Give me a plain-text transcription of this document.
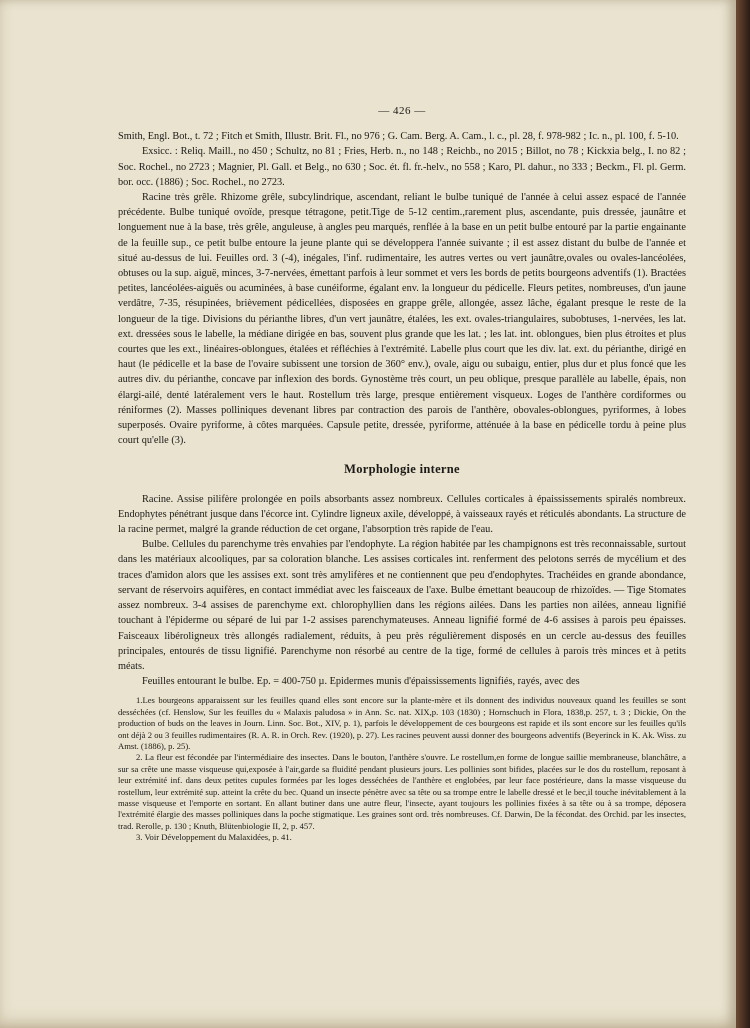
— 426 —

Smith, Engl. Bot., t. 72 ; Fitch et Smith, Illustr. Brit. Fl., no 976 ; G. Cam. Berg. A. Cam., l. c., pl. 28, f. 978-982 ; Ic. n., pl. 100, f. 5-10.

Exsicc. : Reliq. Maill., no 450 ; Schultz, no 81 ; Fries, Herb. n., no 148 ; Reichb., no 2015 ; Billot, no 78 ; Kickxia belg., I. no 82 ; Soc. Rochel., no 2723 ; Magnier, Pl. Gall. et Belg., no 630 ; Soc. ét. fl. fr.-helv., no 558 ; Karo, Pl. dahur., no 333 ; Beckm., Fl. pl. Germ. bor. occ. (1886) ; Soc. Rochel., no 2723.

Racine très grêle. Rhizome grêle, subcylindrique, ascendant, reliant le bulbe tuniqué de l'année à celui assez espacé de l'année précédente. Bulbe tuniqué ovoïde, presque tétragone, petit.Tige de 5-12 centim.,rarement plus, ascendante, puis dressée, jaunâtre et longuement nue à la base, très grêle, anguleuse, à angles peu marqués, renflée à la base en un petit bulbe entouré par la partie engainante de la feuille sup., ce petit bulbe entoure la jeune plante qui se développera l'année suivante ; il est assez distant du bulbe de l'année et situé au-dessus de lui. Feuilles ord. 3 (-4), inégales, l'inf. rudimentaire, les autres vertes ou vert jaunâtre,ovales ou ovales-lancéolées, obtuses ou la sup. aiguë, minces, 3-7-nervées, émettant parfois à leur sommet et vers les bords de petits bourgeons adventifs (1). Bractées petites, lancéolées-aiguës ou acuminées, à base cunéiforme, égalant env. la longueur du pédicelle. Fleurs petites, nombreuses, d'un jaune verdâtre, 7-35, résupinées, brièvement pédicellées, disposées en grappe grêle, allongée, assez lâche, égalant presque le reste de la longueur de la tige. Divisions du périanthe libres, d'un vert jaunâtre, étalées, les ext. ovales-triangulaires, subobtuses, 1-nervées, les lat. ext. dressées sous le labelle, la médiane dirigée en bas, souvent plus grande que les lat. ; les lat. int. oblongues, bien plus étroites et plus courtes que les ext., linéaires-oblongues, étalées et réfléchies à l'extrémité. Labelle plus court que les div. lat. ext. du périanthe, dirigé en haut (le pédicelle et la base de l'ovaire subissent une torsion de 360° env.), ovale, aigu ou subaigu, entier, plus dur et plus foncé que les autres div. du périanthe, concave par inflexion des bords. Gynostème très court, un peu oblique, presque parallèle au labelle, épais, non élargi-ailé, denté latéralement vers le haut. Rostellum très large, presque entièrement visqueux. Loges de l'anthère cordiformes ou réniformes (2). Masses polliniques devenant libres par contraction des parois de l'anthère, obovales-oblongues, pyriformes, à lobes superposés. Ovaire pyriforme, à côtes marquées. Capsule petite, dressée, pyriforme, atténuée à la base en pédicelle tordu à peine plus court qu'elle (3).

Morphologie interne

Racine. Assise pilifère prolongée en poils absorbants assez nombreux. Cellules corticales à épaississements spiralés nombreux. Endophytes pénétrant jusque dans l'écorce int. Cylindre ligneux axile, développé, à vaisseaux rayés et réticulés abondants. La structure de la racine permet, malgré la grande réduction de cet organe, l'absorption très rapide de l'eau.

Bulbe. Cellules du parenchyme très envahies par l'endophyte. La région habitée par les champignons est très reconnaissable, surtout dans les matériaux alcooliques, par sa coloration blanche. Les assises corticales int. renferment des pelotons serrés de mycélium et des traces d'amidon alors que les assises ext. sont très amylifères et ne contiennent que peu d'endophytes. Trachéides en grande abondance, servant de réservoirs aquifères, en contact immédiat avec les faisceaux de l'axe. Bulbe émettant beaucoup de rhizoïdes. — Tige Stomates assez nombreux. 3-4 assises de parenchyme ext. chlorophyllien dans les régions ailées. Dans les parties non ailées, anneau lignifié touchant à l'épiderme ou séparé de lui par 1-2 assises parenchymateuses. Anneau lignifié formé de 4-6 assises à parois peu épaisses. Faisceaux libéroligneux très allongés radialement, réduits, à peu près régulièrement disposés en un cercle au-dessus des feuilles principales, entourés de tissu lignifié. Parenchyme non résorbé au centre de la tige, formé de cellules à parois très minces et à petits méats.

Feuilles entourant le bulbe. Ep. = 400-750 µ. Epidermes munis d'épaississements lignifiés, rayés, avec des

1.Les bourgeons apparaissent sur les feuilles quand elles sont encore sur la plante-mère et ils donnent des individus nouveaux quand les feuilles se sont desséchées (cf. Henslow, Sur les feuilles du « Malaxis paludosa » in Ann. Sc. nat. XIX,p. 103 (1830) ; Hornschuch in Flora, 1838,p. 257, t. 3 ; Dickie, On the production of buds on the leaves in Journ. Linn. Soc. Bot., XIV, p. 1), parfois le développement de ces bourgeons est rapide et ils sont encore sur les feuilles qu'ils ont déjà 2 ou 3 feuilles rudimentaires (R. A. R. in Orch. Rev. (1920), p. 27). Les racines peuvent aussi donner des bourgeons adventifs (Beyerinck in K. Ak. Wiss. zu Amst. (1886), p. 25).

2. La fleur est fécondée par l'intermédiaire des insectes. Dans le bouton, l'anthère s'ouvre. Le rostellum,en forme de longue saillie membraneuse, blanchâtre, a sur sa crête une masse visqueuse qui,exposée à l'air,garde sa fluidité pendant plusieurs jours. Les pollinies sont bifides, placées sur le dos du rostellum, reposant à leur extrémité inf. dans deux petites cupules formées par les loges desséchées de l'anthère et englobées, par leur face postérieure, dans la masse visqueuse du rostellum, leur extrémité sup. atteint la crête du bec. Quand un insecte pénètre avec sa tête ou sa trompe entre le labelle dressé et le bec,il touche inévitablement à la masse visqueuse et l'emporte en sortant. En allant butiner dans une autre fleur, l'insecte, ayant toujours les pollinies fixées à sa tête ou à sa trompe, déposera l'extrémité élargie des masses polliniques dans la poche stigmatique. Les graines sont ord. très nombreuses. Cf. Darwin, De la fécondat. des Orchid. par les insectes, trad. Rerolle, p. 130 ; Knuth, Blütenbiologie II, 2, p. 457.

3. Voir Développement du Malaxidées, p. 41.
